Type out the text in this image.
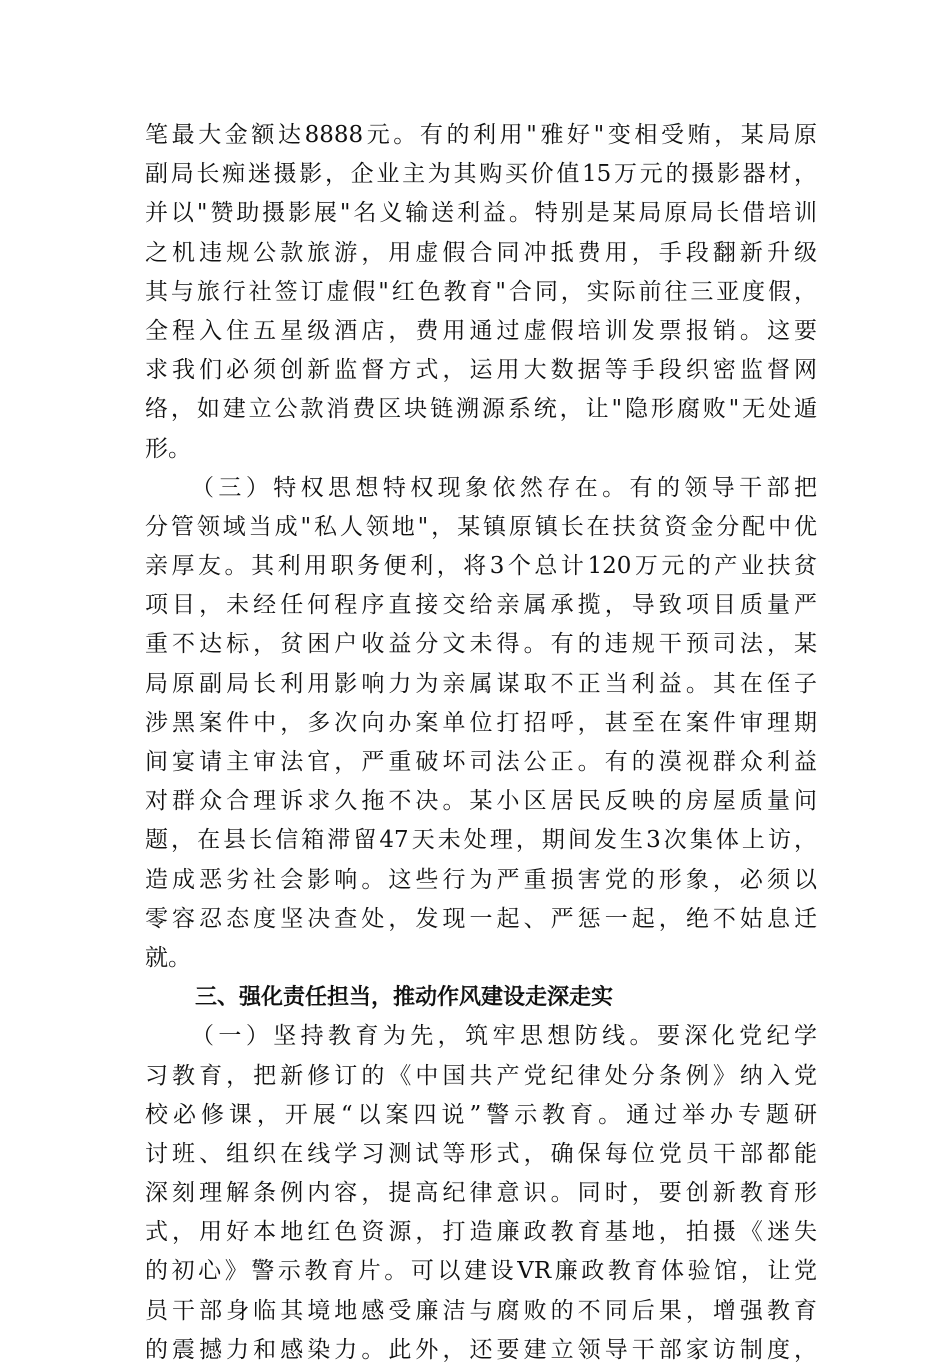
笔最大金额达8888元。有的利用"雅好"变相受贿，某局原
副局长痴迷摄影，企业主为其购买价值15万元的摄影器材，
并以"赞助摄影展"名义输送利益。特别是某局原局长借培训
之机违规公款旅游，用虚假合同冲抵费用，手段翻新升级
其与旅行社签订虚假"红色教育"合同，实际前往三亚度假，
全程入住五星级酒店，费用通过虚假培训发票报销。这要
求我们必须创新监督方式，运用大数据等手段织密监督网
络，如建立公款消费区块链溯源系统，让"隐形腐败"无处遁
形。
（三）特权思想特权现象依然存在。有的领导干部把
分管领域当成"私人领地"，某镇原镇长在扶贫资金分配中优
亲厚友。其利用职务便利，将3个总计120万元的产业扶贫
项目，未经任何程序直接交给亲属承揽，导致项目质量严
重不达标，贫困户收益分文未得。有的违规干预司法，某
局原副局长利用影响力为亲属谋取不正当利益。其在侄子
涉黑案件中，多次向办案单位打招呼，甚至在案件审理期
间宴请主审法官，严重破坏司法公正。有的漠视群众利益
对群众合理诉求久拖不决。某小区居民反映的房屋质量问
题，在县长信箱滞留47天未处理，期间发生3次集体上访，
造成恶劣社会影响。这些行为严重损害党的形象，必须以
零容忍态度坚决查处，发现一起、严惩一起，绝不姑息迁
就。
三、强化责任担当，推动作风建设走深走实
（一）坚持教育为先，筑牢思想防线。要深化党纪学
习教育，把新修订的《中国共产党纪律处分条例》纳入党
校必修课，开展“以案四说”警示教育。通过举办专题研
讨班、组织在线学习测试等形式，确保每位党员干部都能
深刻理解条例内容，提高纪律意识。同时，要创新教育形
式，用好本地红色资源，打造廉政教育基地，拍摄《迷失
的初心》警示教育片。可以建设VR廉政教育体验馆，让党
员干部身临其境地感受廉洁与腐败的不同后果，增强教育
的震撼力和感染力。此外，还要建立领导干部家访制度，
